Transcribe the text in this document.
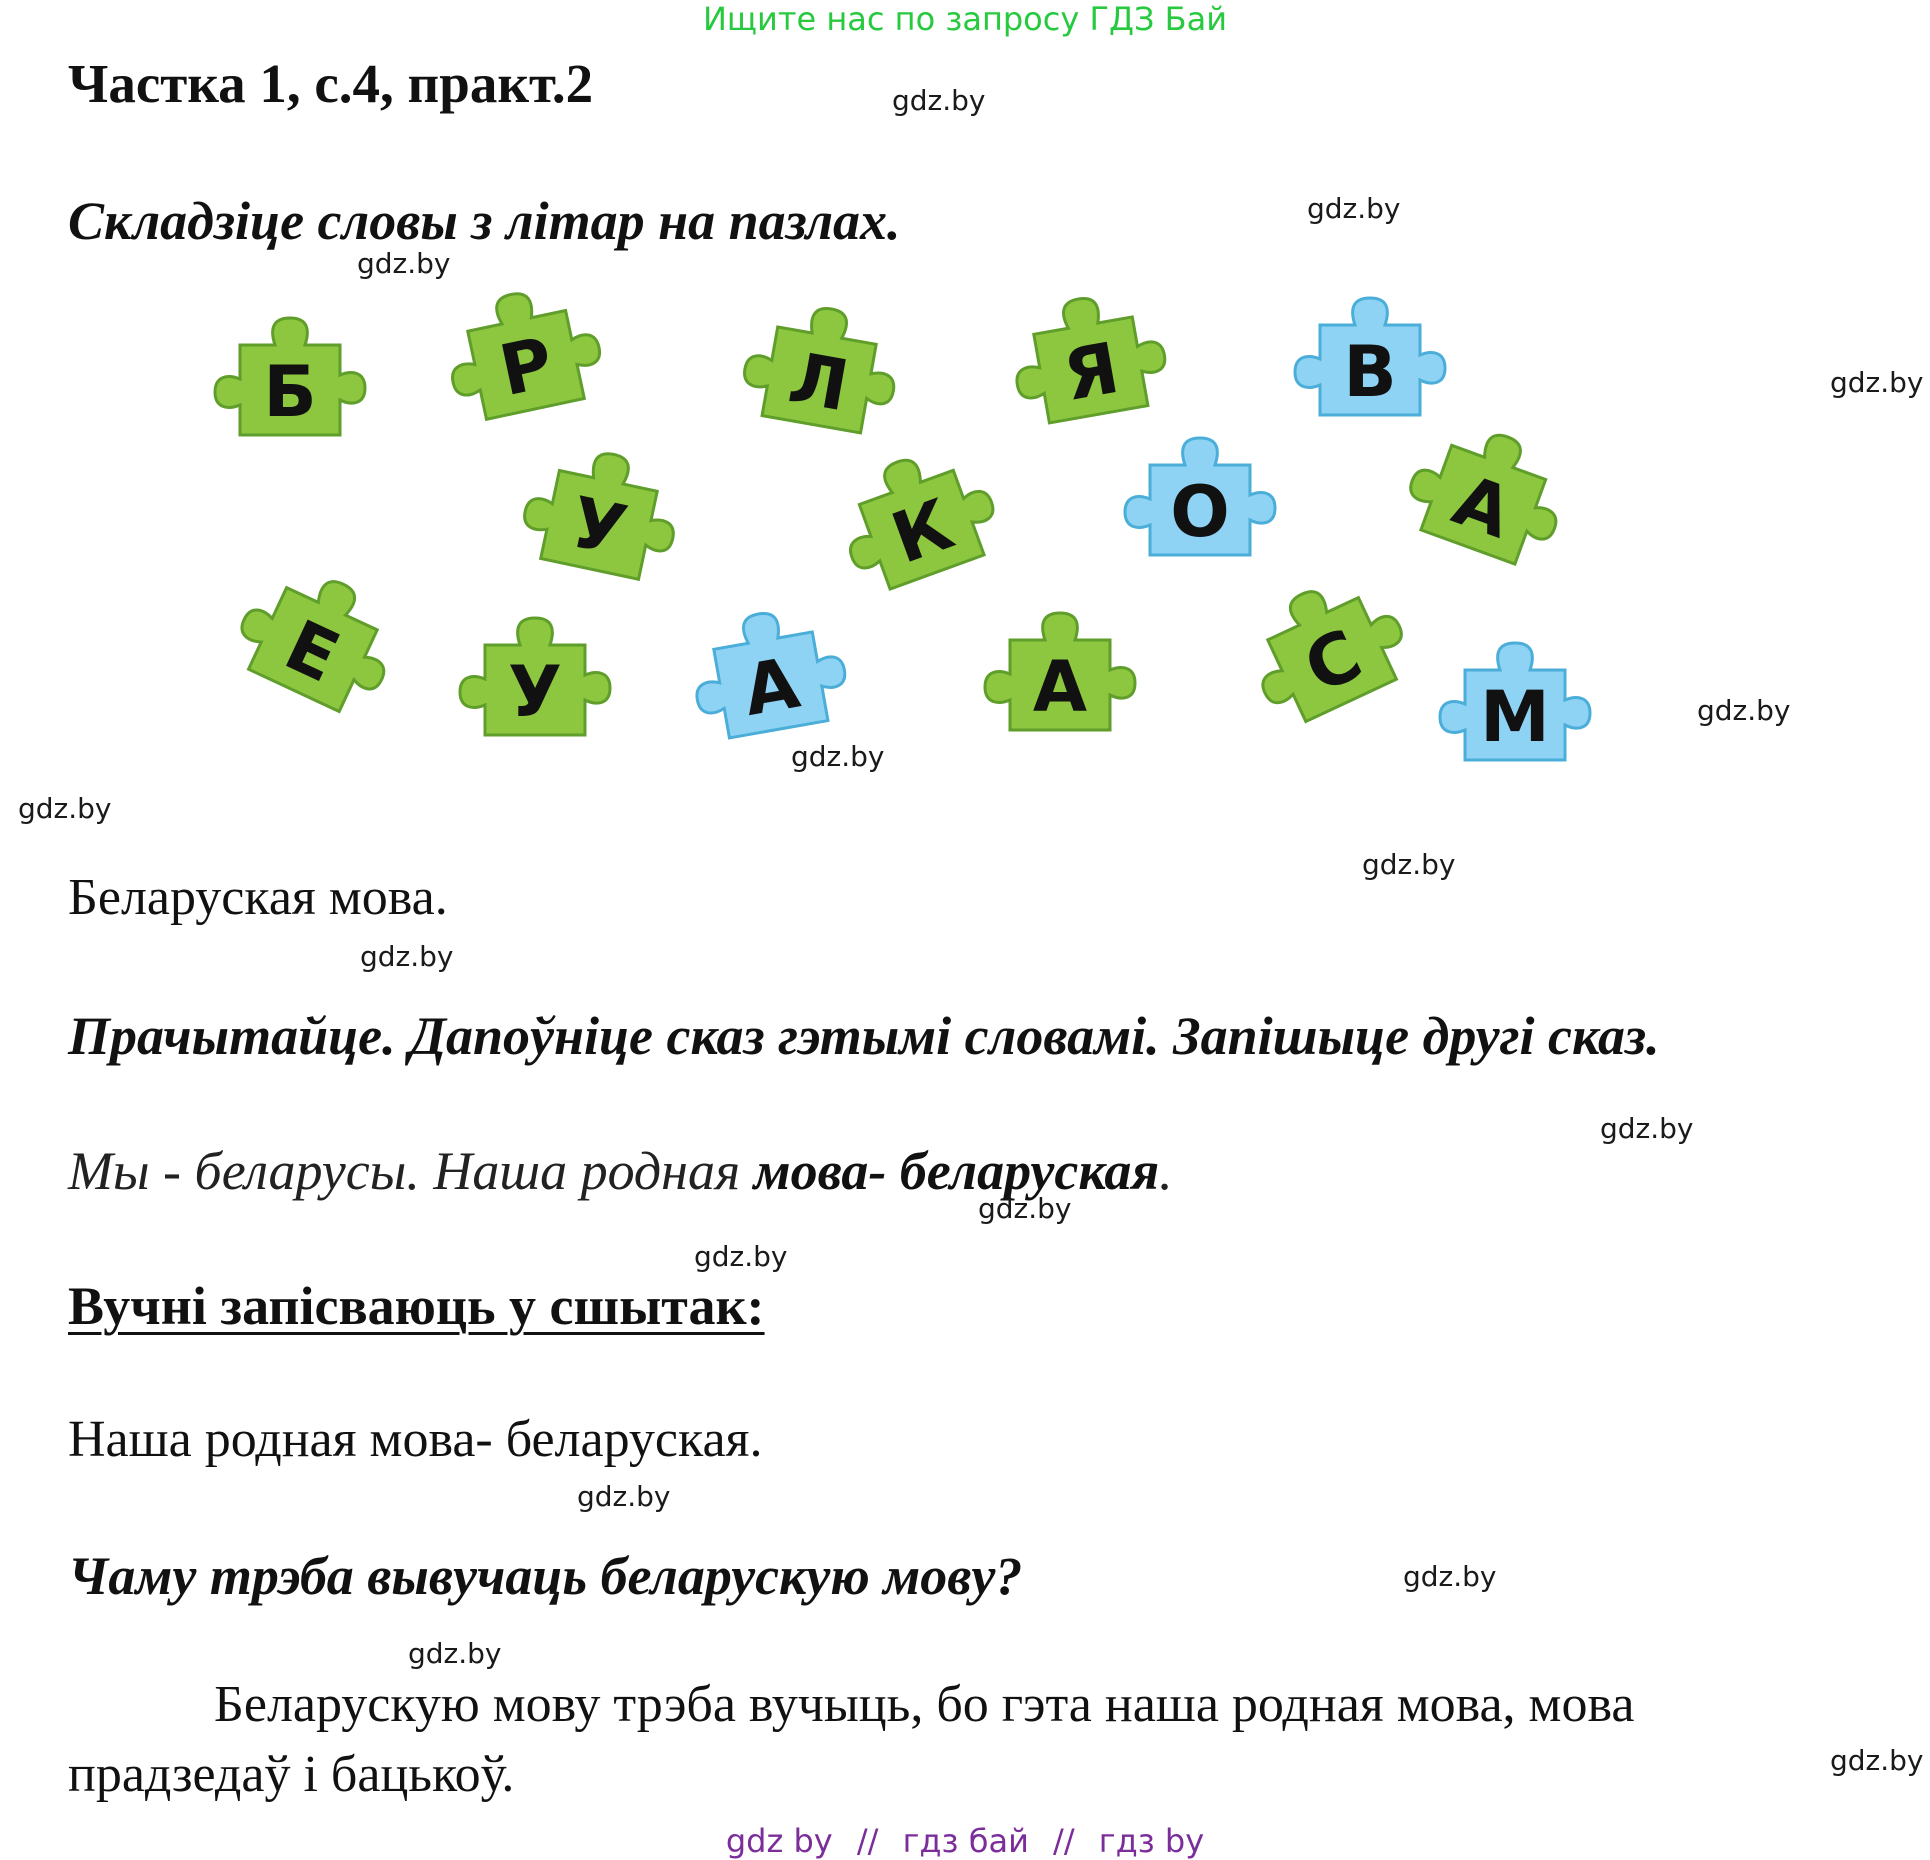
Ищите нас по запросу ГДЗ Бай
Частка 1, с.4, практ.2
Складзіце словы з літар на пазлах.
Б	Р	Л	Я	В
У	К	О	А
Е	У	А	А	С
М
Беларуская мова.
Прачытайце. Дапоўніце сказ гэтымі словамі. Запішыце другі сказ.
Мы - беларусы. Наша родная мова- беларуская.
Вучні запісваюць у сшытак:
Наша родная мова- беларуская.
Чаму трэба вывучаць беларускую мову?
Беларускую мову трэба вучыць, бо гэта наша родная мова, мова прадзедаў і бацькоў.
gdz.by
gdz.by
gdz.by
gdz.by
gdz.by
gdz.by
gdz.by
gdz.by
gdz.by
gdz.by
gdz.by
gdz.by
gdz.by
gdz.by
gdz.by
gdz.by
gdz by // гдз бай // гдз by
